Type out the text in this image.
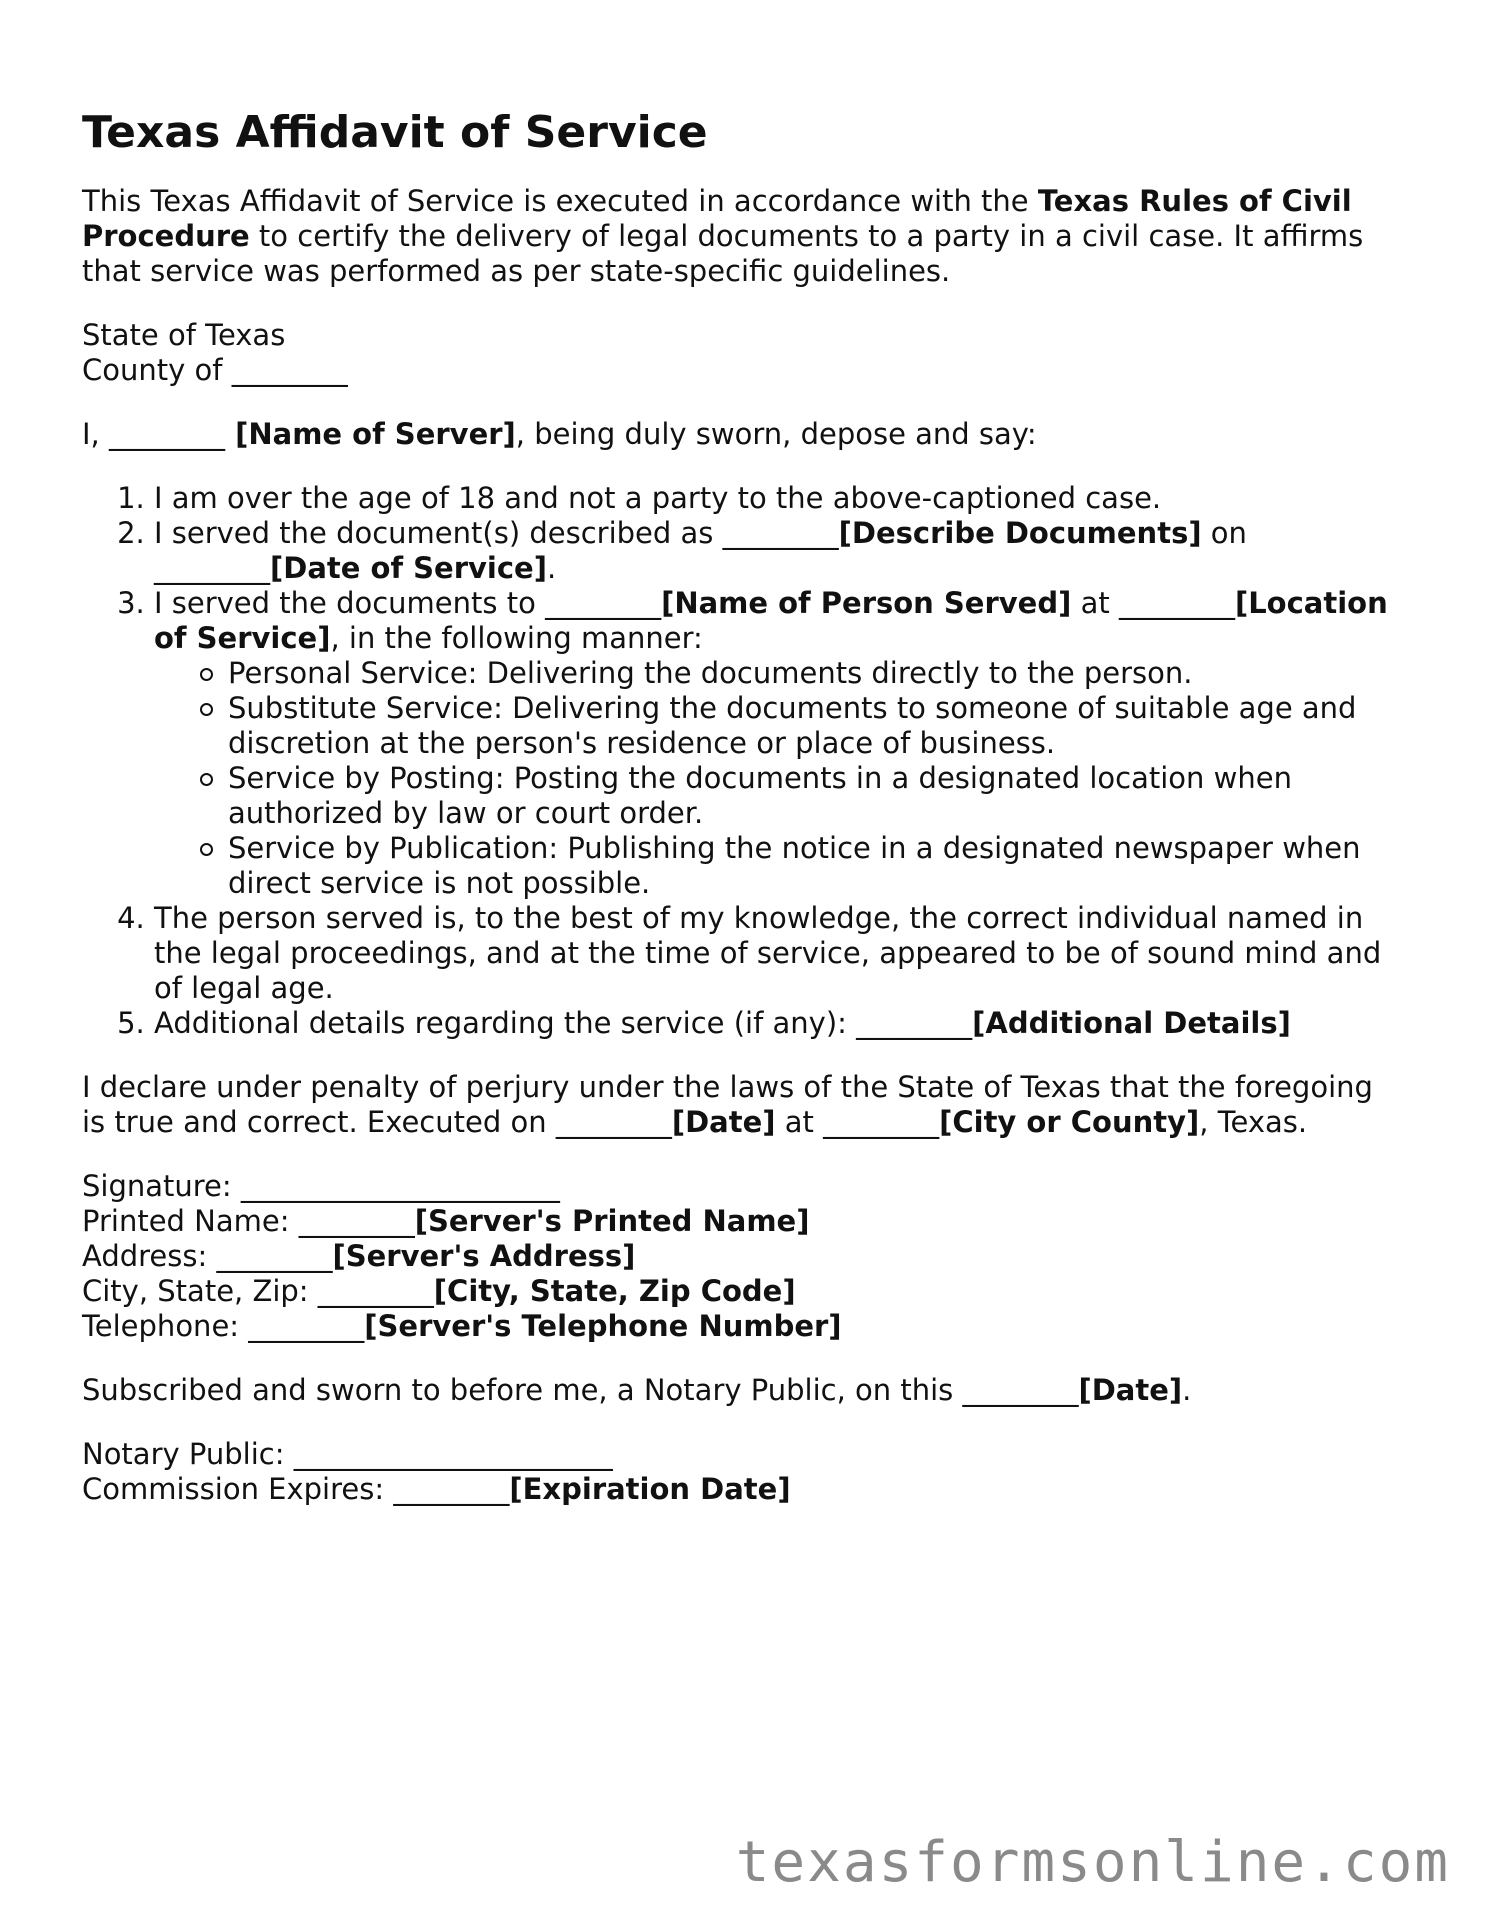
Texas Affidavit of Service

This Texas Affidavit of Service is executed in accordance with the Texas Rules of Civil Procedure to certify the delivery of legal documents to a party in a civil case. It affirms that service was performed as per state-specific guidelines.

State of Texas
County of ________

I, ________ [Name of Server], being duly sworn, depose and say:

1. I am over the age of 18 and not a party to the above-captioned case.
2. I served the document(s) described as ________[Describe Documents] on ________[Date of Service].
3. I served the documents to ________[Name of Person Served] at ________[Location of Service], in the following manner:
Personal Service: Delivering the documents directly to the person.
Substitute Service: Delivering the documents to someone of suitable age and discretion at the person's residence or place of business.
Service by Posting: Posting the documents in a designated location when authorized by law or court order.
Service by Publication: Publishing the notice in a designated newspaper when direct service is not possible.
4. The person served is, to the best of my knowledge, the correct individual named in the legal proceedings, and at the time of service, appeared to be of sound mind and of legal age.
5. Additional details regarding the service (if any): ________[Additional Details]

I declare under penalty of perjury under the laws of the State of Texas that the foregoing is true and correct. Executed on ________[Date] at ________[City or County], Texas.

Signature: ______________________
Printed Name: ________[Server's Printed Name]
Address: ________[Server's Address]
City, State, Zip: ________[City, State, Zip Code]
Telephone: ________[Server's Telephone Number]

Subscribed and sworn to before me, a Notary Public, on this ________[Date].

Notary Public: ______________________
Commission Expires: ________[Expiration Date]
texasformsonline.com
